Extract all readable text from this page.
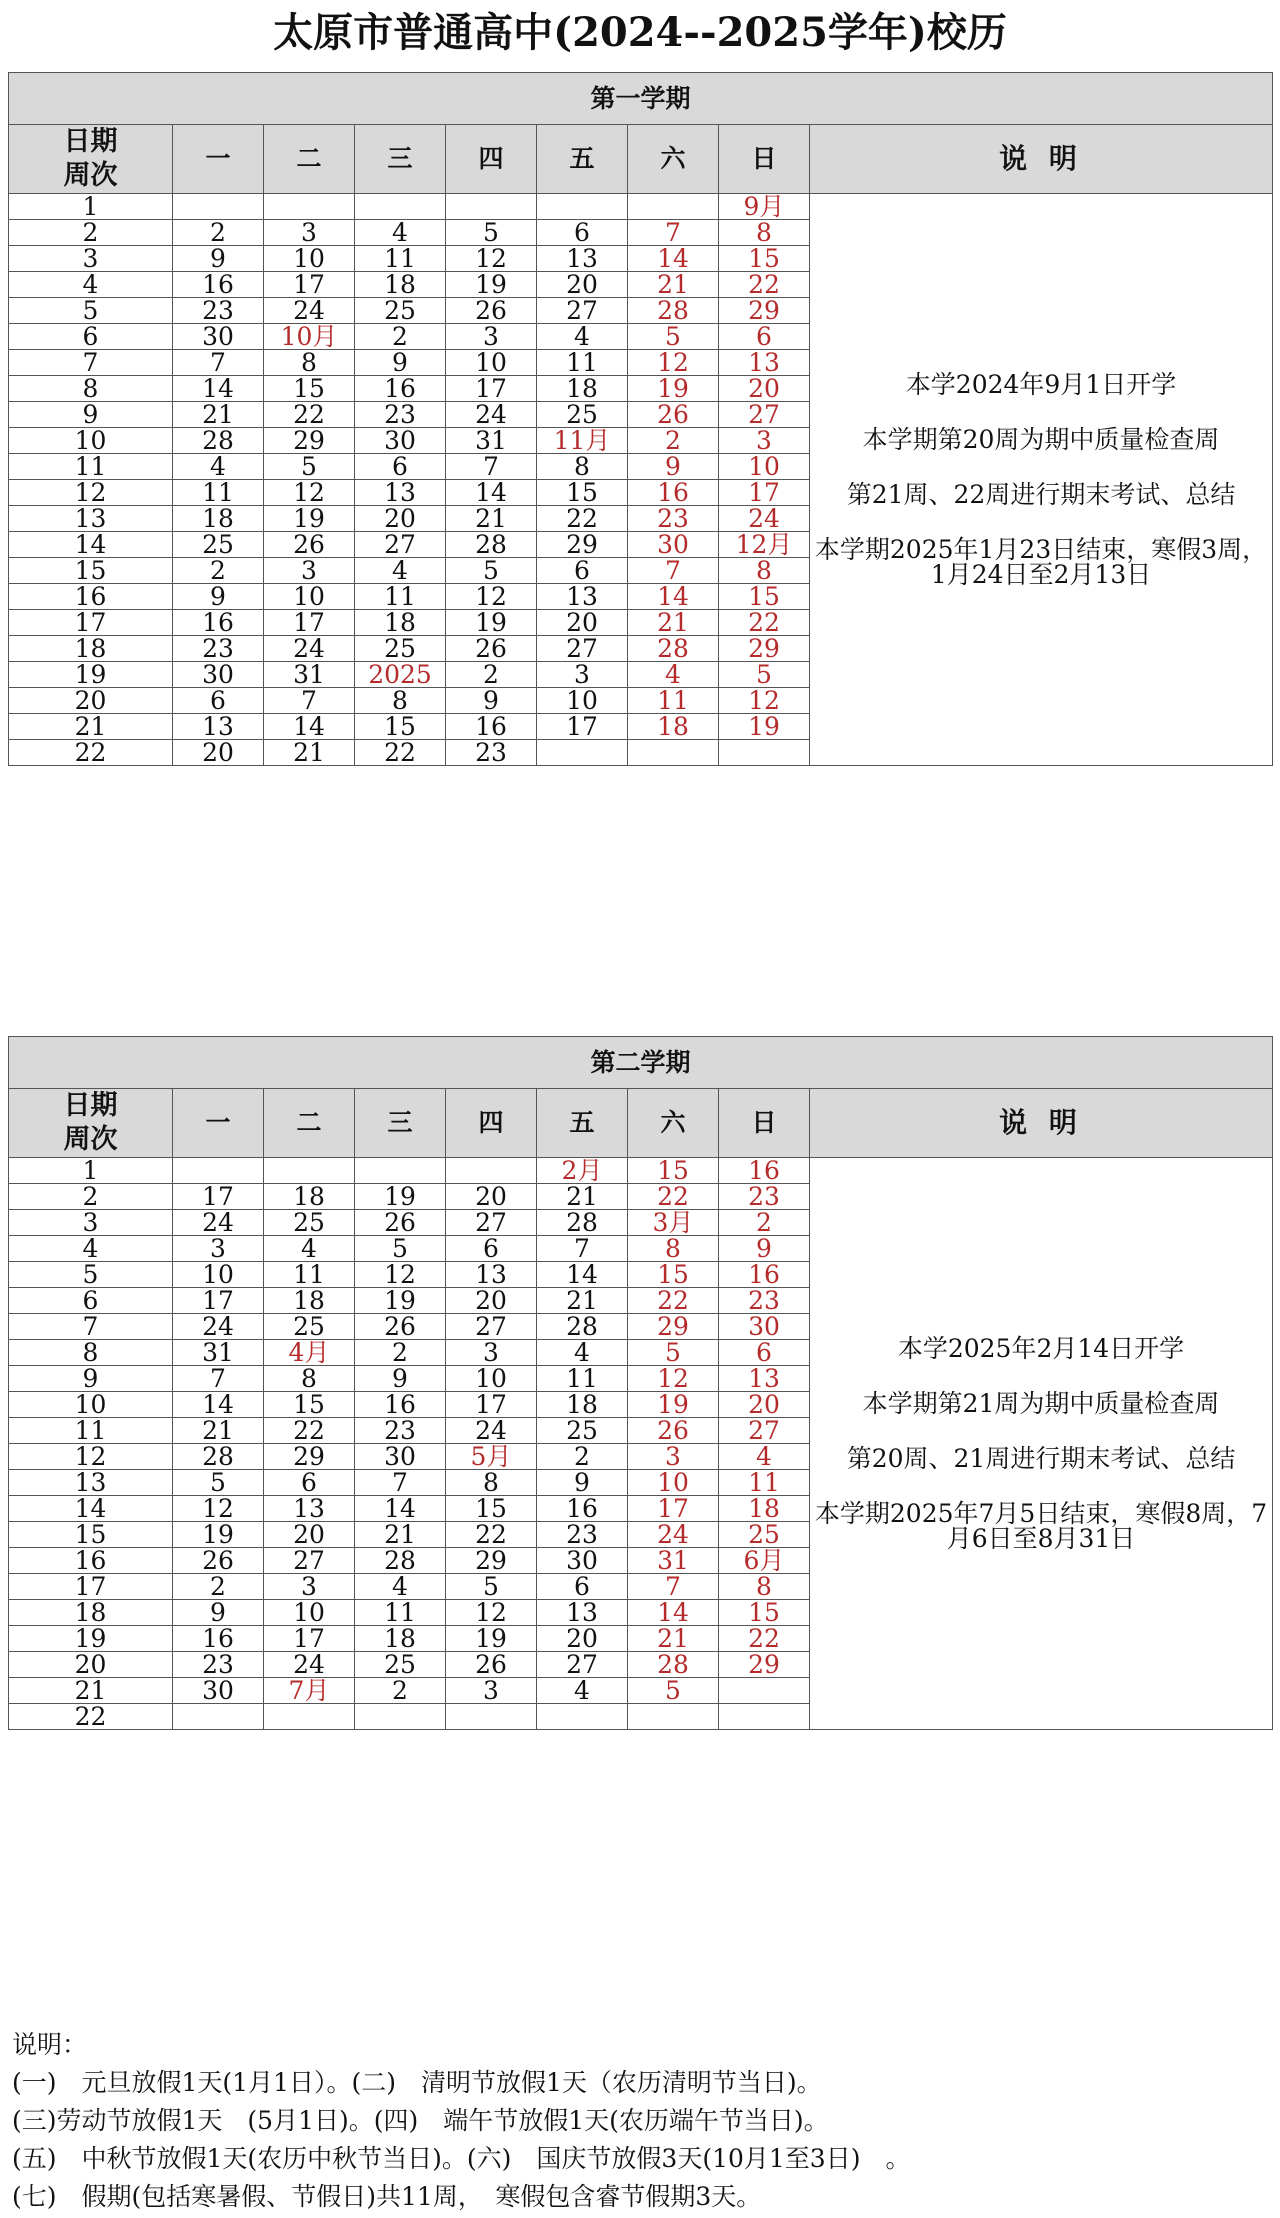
太原市普通高中(2024--2025学年)校历
第一学期								

日期
周次	一	二	三	四	五	六	日	说 明
1							9月	本学2024年9月1日开学

本学期第20周为期中质量检查周

第21周、22周进行期末考试、总结

本学期2025年1月23日结束，寒假3周，1月24日至2月13日

2	2	3	4	5	6	7	8	
3	9	10	11	12	13	14	15	
4	16	17	18	19	20	21	22	
5	23	24	25	26	27	28	29	
6	30	10月	2	3	4	5	6	
7	7	8	9	10	11	12	13	
8	14	15	16	17	18	19	20	
9	21	22	23	24	25	26	27	
10	28	29	30	31	11月	2	3	
11	4	5	6	7	8	9	10	
12	11	12	13	14	15	16	17	
13	18	19	20	21	22	23	24	
14	25	26	27	28	29	30	12月	
15	2	3	4	5	6	7	8	
16	9	10	11	12	13	14	15	
17	16	17	18	19	20	21	22	
18	23	24	25	26	27	28	29	
19	30	31	2025	2	3	4	5	
20	6	7	8	9	10	11	12	
21	13	14	15	16	17	18	19	
22	20	21	22	23				
第二学期								

日期
周次	一	二	三	四	五	六	日	说 明
1					2月	15	16	本学2025年2月14日开学

本学期第21周为期中质量检查周

第20周、21周进行期末考试、总结

本学期2025年7月5日结束，寒假8周，7月6日至8月31日

2	17	18	19	20	21	22	23	
3	24	25	26	27	28	3月	2	
4	3	4	5	6	7	8	9	
5	10	11	12	13	14	15	16	
6	17	18	19	20	21	22	23	
7	24	25	26	27	28	29	30	
8	31	4月	2	3	4	5	6	
9	7	8	9	10	11	12	13	
10	14	15	16	17	18	19	20	
11	21	22	23	24	25	26	27	
12	28	29	30	5月	2	3	4	
13	5	6	7	8	9	10	11	
14	12	13	14	15	16	17	18	
15	19	20	21	22	23	24	25	
16	26	27	28	29	30	31	6月	
17	2	3	4	5	6	7	8	
18	9	10	11	12	13	14	15	
19	16	17	18	19	20	21	22	
20	23	24	25	26	27	28	29	
21	30	7月	2	3	4	5		
22								
说明：
(一)　元旦放假1天(1月1日）。(二)　清明节放假1天（农历清明节当日)。
(三)劳动节放假1天　(5月1日)。(四)　端午节放假1天(农历端午节当日)。
(五)　中秋节放假1天(农历中秋节当日)。(六)　国庆节放假3天(10月1至3日)　。
(七)　假期(包括寒暑假、节假日)共11周，　寒假包含睿节假期3天。
